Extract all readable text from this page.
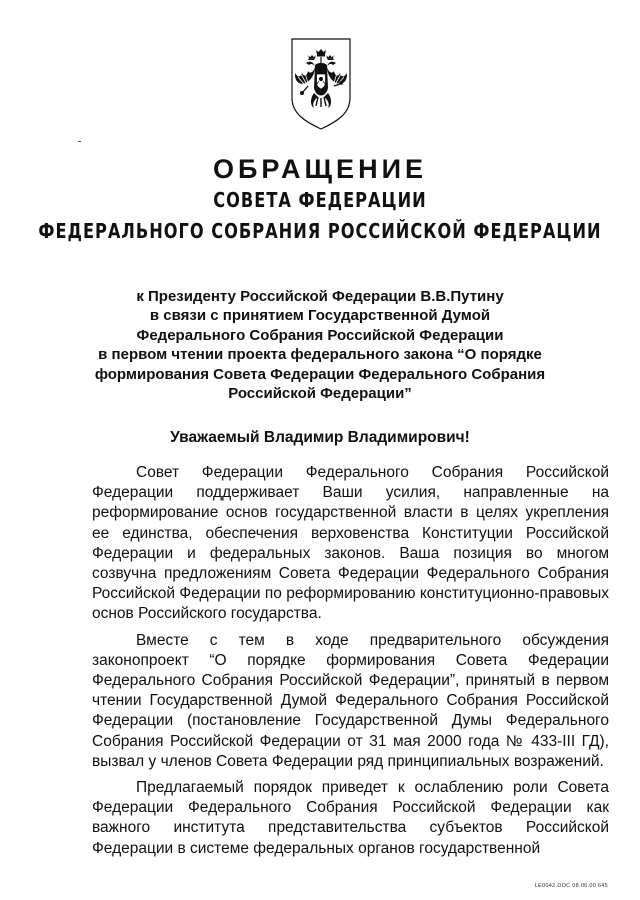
ОБРАЩЕНИЕ
СОВЕТА ФЕДЕРАЦИИ
ФЕДЕРАЛЬНОГО СОБРАНИЯ РОССИЙСКОЙ ФЕДЕРАЦИИ
к Президенту Российской Федерации В.В.Путину
в связи с принятием Государственной Думой
Федерального Собрания Российской Федерации
в первом чтении проекта федерального закона “О порядке
формирования Совета Федерации Федерального Собрания
Российской Федерации”
Уважаемый Владимир Владимирович!

Совет Федерации Федерального Собрания Российской Федерации поддерживает Ваши усилия, направленные на реформирование основ государственной власти в целях укрепления ее единства, обеспечения верховенства Конституции Российской Федерации и федеральных законов. Ваша позиция во многом созвучна предложениям Совета Федерации Федерального Собрания Российской Федерации по реформированию конституционно-правовых основ Российского государства.

Вместе с тем в ходе предварительного обсуждения законопроект “О порядке формирования Совета Федерации Федерального Собрания Российской Федерации”, принятый в первом чтении Государственной Думой Федерального Собрания Российской Федерации (постановление Государственной Думы Федерального Собрания Российской Федерации от 31 мая 2000 года № 433-III ГД), вызвал у членов Совета Федерации ряд принципиальных возражений.

Предлагаемый порядок приведет к ослаблению роли Совета Федерации Федерального Собрания Российской Федерации как важного института представительства субъектов Российской Федерации в системе федеральных органов государственной

LE0042.DOC 08.06.00 645
